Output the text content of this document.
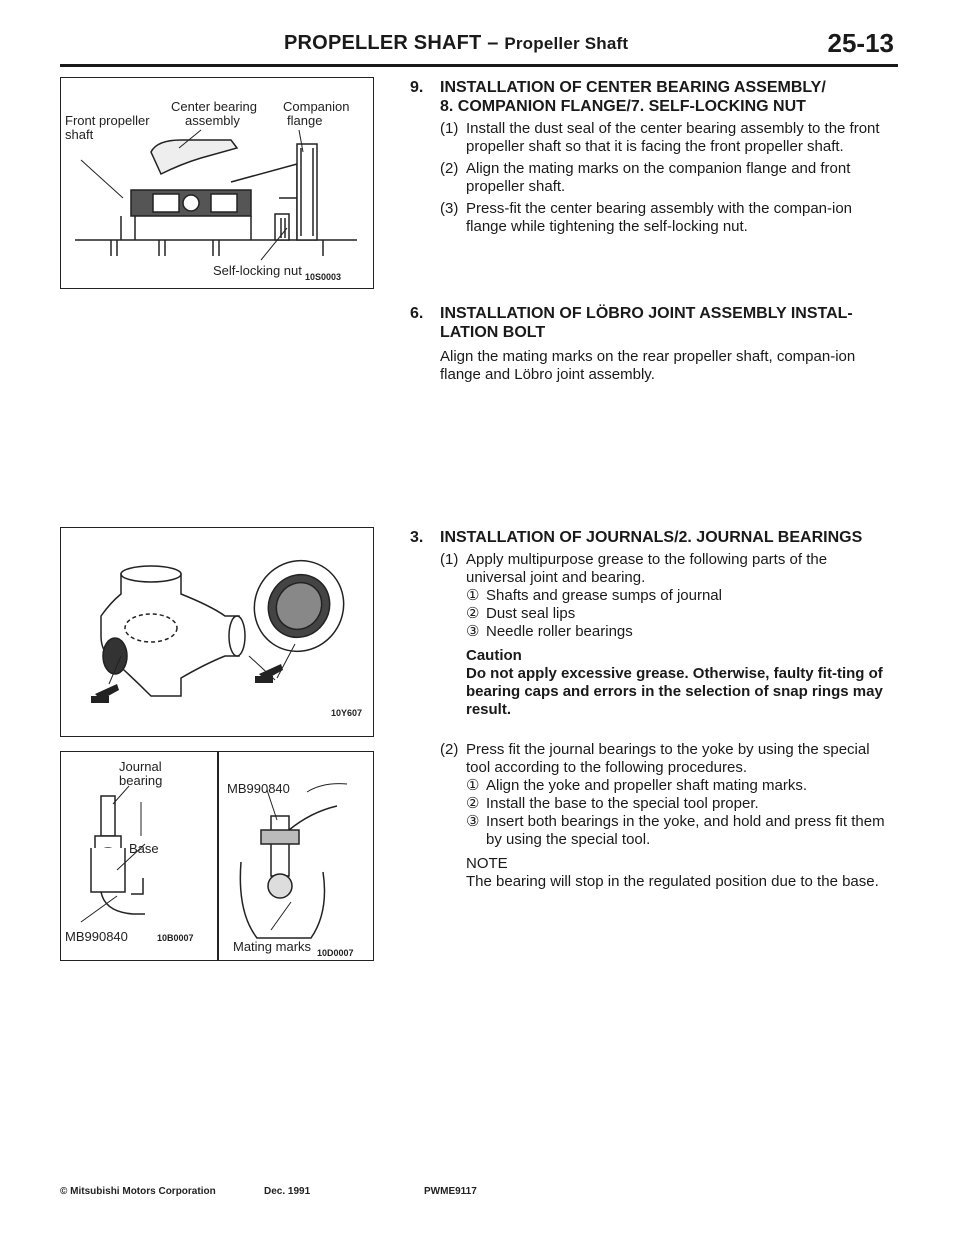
PROPELLER SHAFT – Propeller Shaft	25-13
Front propeller
shaft
Center bearing
assembly
Companion
flange
Self-locking nut 10S0003
10Y607
Journal
bearing
Base
MB990840	10B0007
MB990840
Mating marks 10D0007
9. INSTALLATION OF CENTER BEARING ASSEMBLY/
8. COMPANION FLANGE/7. SELF-LOCKING NUT
(1) Install the dust seal of the center bearing assembly to the front propeller shaft so that it is facing the front propeller shaft.
(2) Align the mating marks on the companion flange and front propeller shaft.
(3) Press-fit the center bearing assembly with the compan-ion flange while tightening the self-locking nut.
6. INSTALLATION OF LÖBRO JOINT ASSEMBLY INSTAL-
LATION BOLT
Align the mating marks on the rear propeller shaft, compan-ion flange and Löbro joint assembly.
3. INSTALLATION OF JOURNALS/2. JOURNAL BEARINGS
(1) Apply multipurpose grease to the following parts of the universal joint and bearing.
① Shafts and grease sumps of journal
② Dust seal lips
③ Needle roller bearings
Caution
Do not apply excessive grease. Otherwise, faulty fit-ting of bearing caps and errors in the selection of snap rings may result.
(2) Press fit the journal bearings to the yoke by using the special tool according to the following procedures.
① Align the yoke and propeller shaft mating marks.
② Install the base to the special tool proper.
③ Insert both bearings in the yoke, and hold and press fit them by using the special tool.
NOTE
The bearing will stop in the regulated position due to the base.
© Mitsubishi Motors Corporation	Dec. 1991	PWME9117
